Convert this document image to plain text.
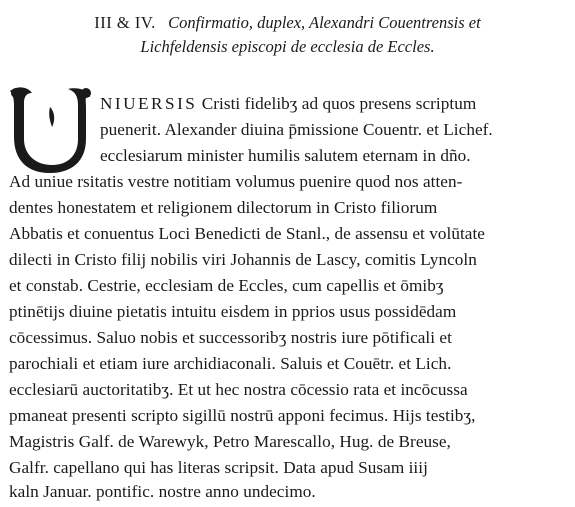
III & IV. Confirmatio, duplex, Alexandri Couentrensis et
Lichfeldensis episcopi de ecclesia de Eccles.
NIUERSIS Cristi fidelibʒ ad quos presens scriptum
puenerit. Alexander diuina p̄missione Couentr. et Lichef.
ecclesiarum minister humilis salutem eternam in dño.
Ad uniue rsitatis vestre notitiam volumus puenire quod nos atten-
dentes honestatem et religionem dilectorum in Cristo filiorum
Abbatis et conuentus Loci Benedicti de Stanl., de assensu et volūtate
dilecti in Cristo filij nobilis viri Johannis de Lascy, comitis Lyncoln
et constab. Cestrie, ecclesiam de Eccles, cum capellis et ōmibʒ
ptinētijs diuine pietatis intuitu eisdem in pprios usus possidēdam
cōcessimus. Saluo nobis et successoribʒ nostris iure pōtificali et
parochiali et etiam iure archidiaconali. Saluis et Couētr. et Lich.
ecclesiarū auctoritatibʒ. Et ut hec nostra cōcessio rata et incōcussa
pmaneat presenti scripto sigillū nostrū apponi fecimus. Hijs testibʒ,
Magistris Galf. de Warewyk, Petro Marescallo, Hug. de Breuse,
Galfr. capellano qui has literas scripsit. Data apud Susam iiij
kaln Januar. pontific. nostre anno undecimo.
